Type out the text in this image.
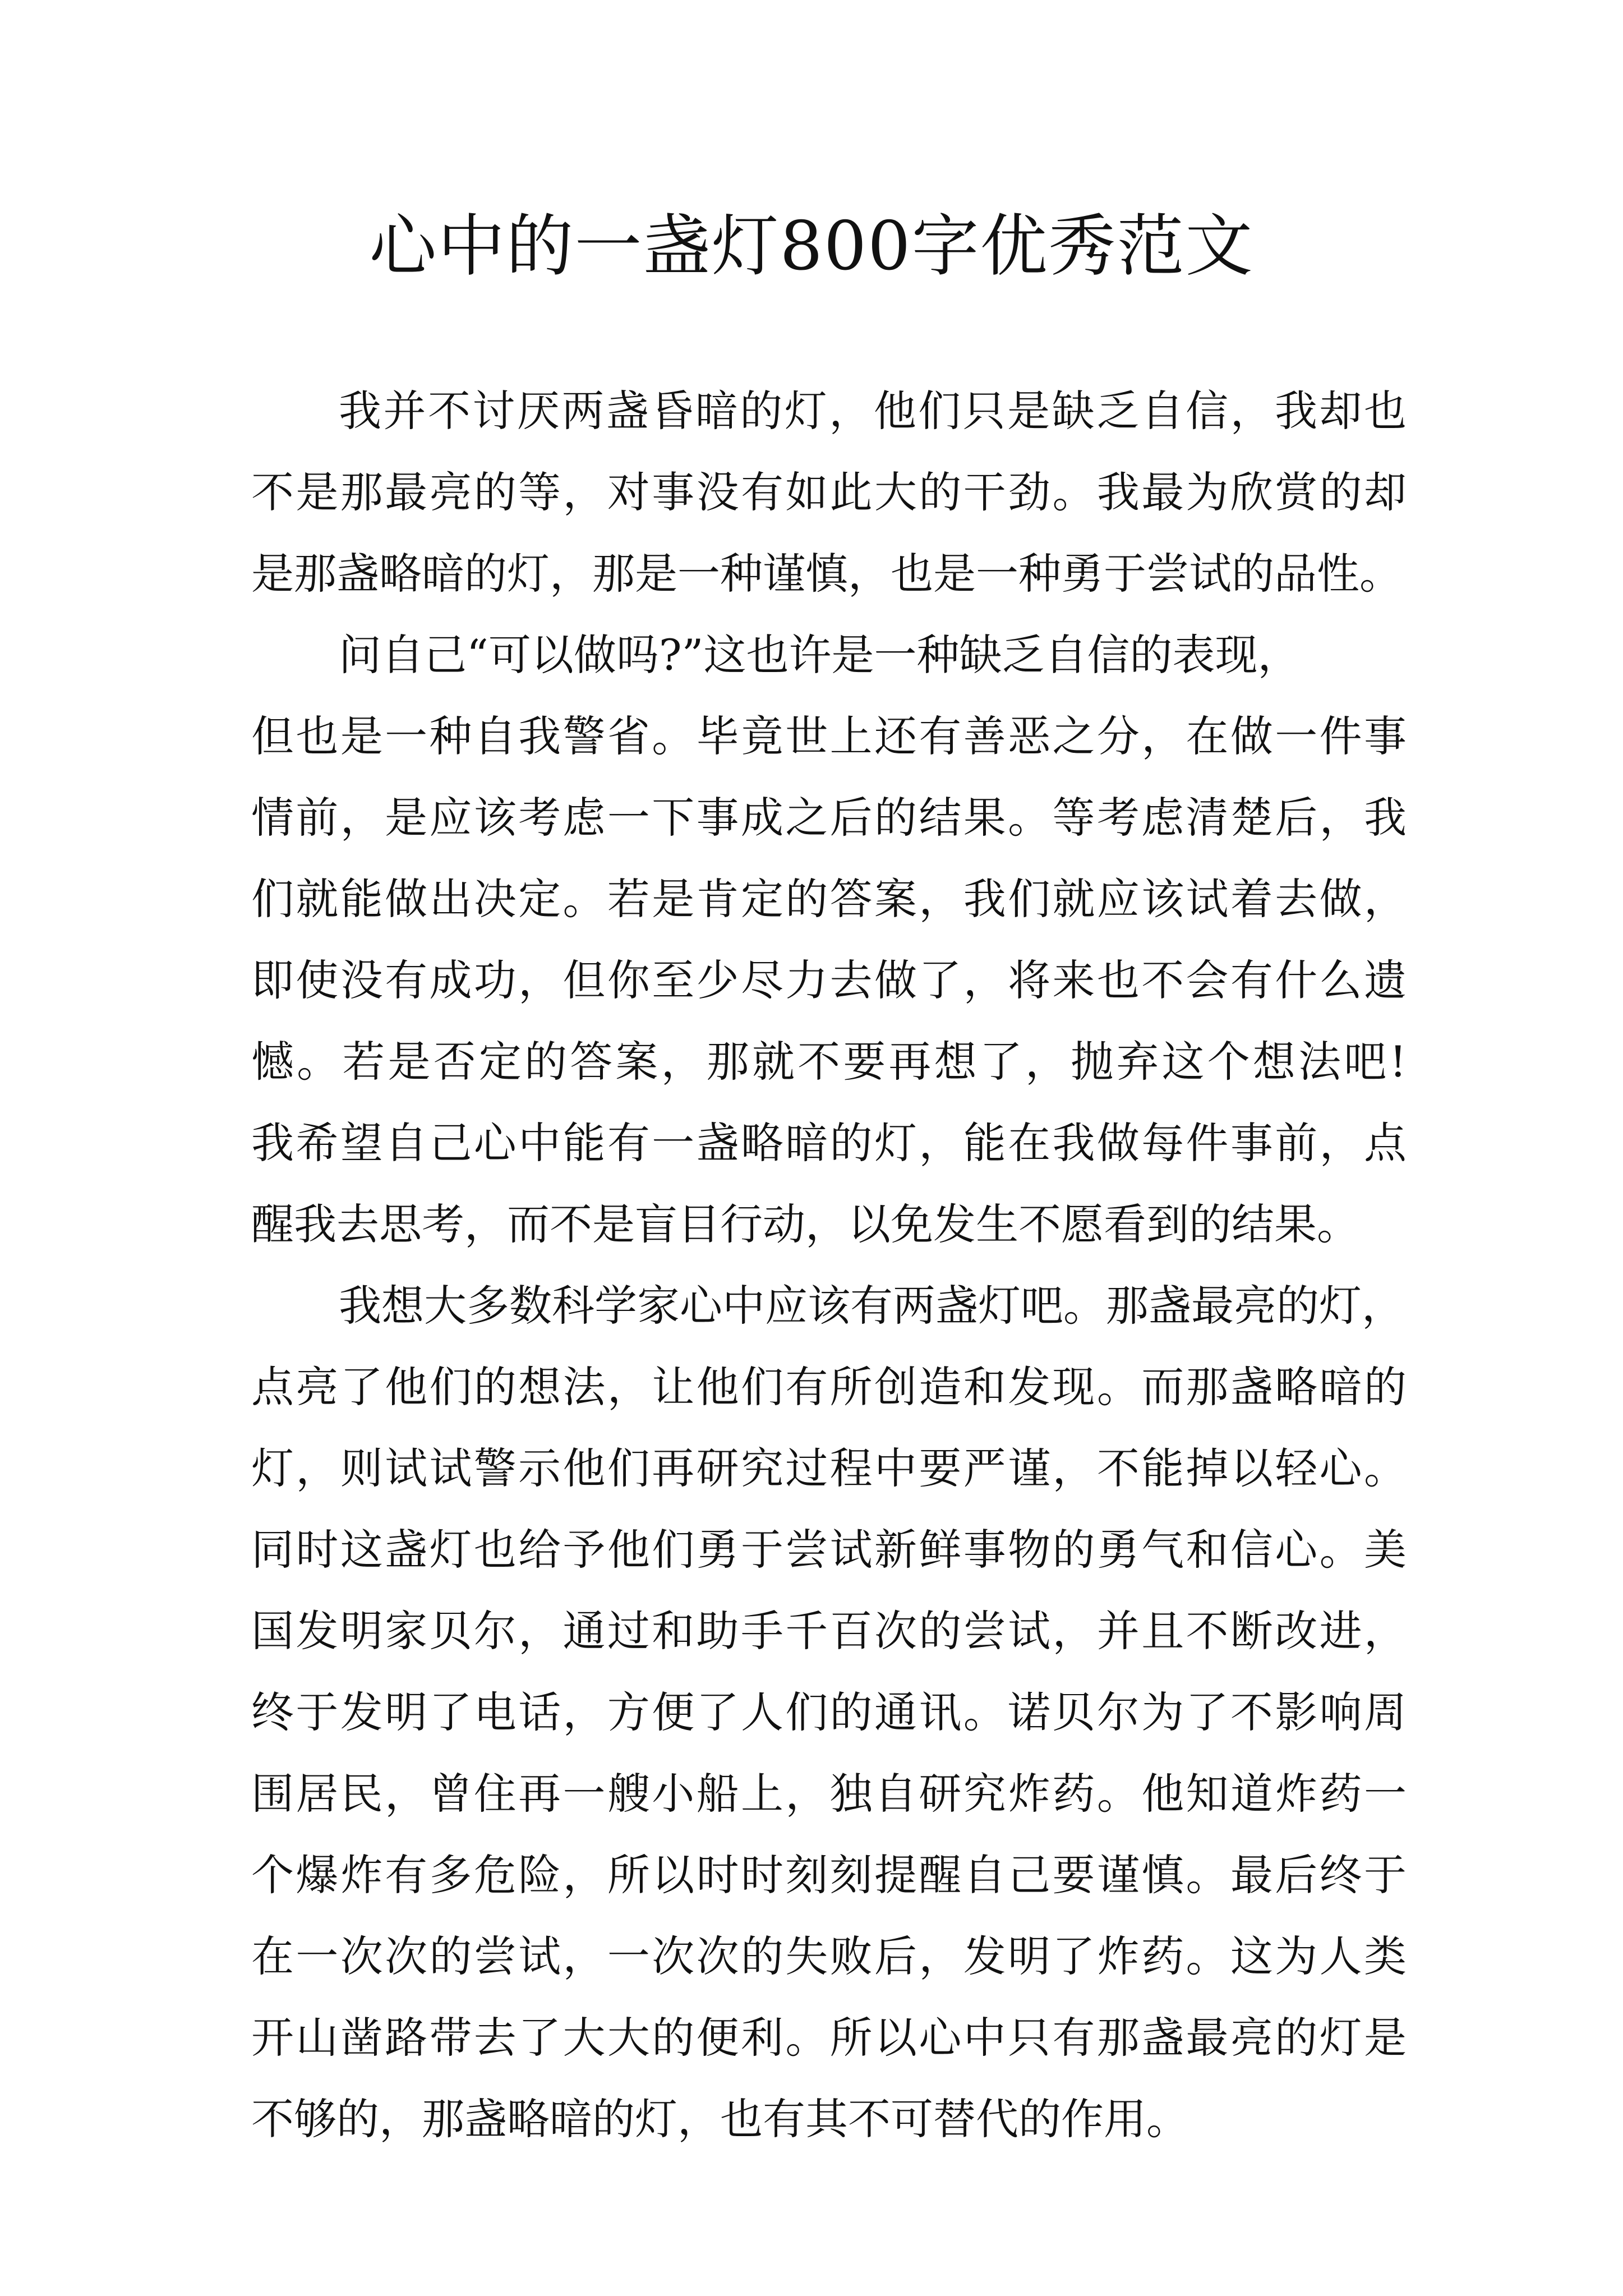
心中的一盏灯800字优秀范文
我并不讨厌两盏昏暗的灯，他们只是缺乏自信，我却也
不是那最亮的等，对事没有如此大的干劲。我最为欣赏的却
是那盏略暗的灯，那是一种谨慎，也是一种勇于尝试的品性。
问自己“可以做吗?”这也许是一种缺乏自信的表现，
但也是一种自我警省。毕竟世上还有善恶之分，在做一件事
情前，是应该考虑一下事成之后的结果。等考虑清楚后，我
们就能做出决定。若是肯定的答案，我们就应该试着去做，
即使没有成功，但你至少尽力去做了，将来也不会有什么遗
憾。若是否定的答案，那就不要再想了，抛弃这个想法吧!
我希望自己心中能有一盏略暗的灯，能在我做每件事前，点
醒我去思考，而不是盲目行动，以免发生不愿看到的结果。
我想大多数科学家心中应该有两盏灯吧。那盏最亮的灯，
点亮了他们的想法，让他们有所创造和发现。而那盏略暗的
灯，则试试警示他们再研究过程中要严谨，不能掉以轻心。
同时这盏灯也给予他们勇于尝试新鲜事物的勇气和信心。美
国发明家贝尔，通过和助手千百次的尝试，并且不断改进，
终于发明了电话，方便了人们的通讯。诺贝尔为了不影响周
围居民，曾住再一艘小船上，独自研究炸药。他知道炸药一
个爆炸有多危险，所以时时刻刻提醒自己要谨慎。最后终于
在一次次的尝试，一次次的失败后，发明了炸药。这为人类
开山凿路带去了大大的便利。所以心中只有那盏最亮的灯是
不够的，那盏略暗的灯，也有其不可替代的作用。
